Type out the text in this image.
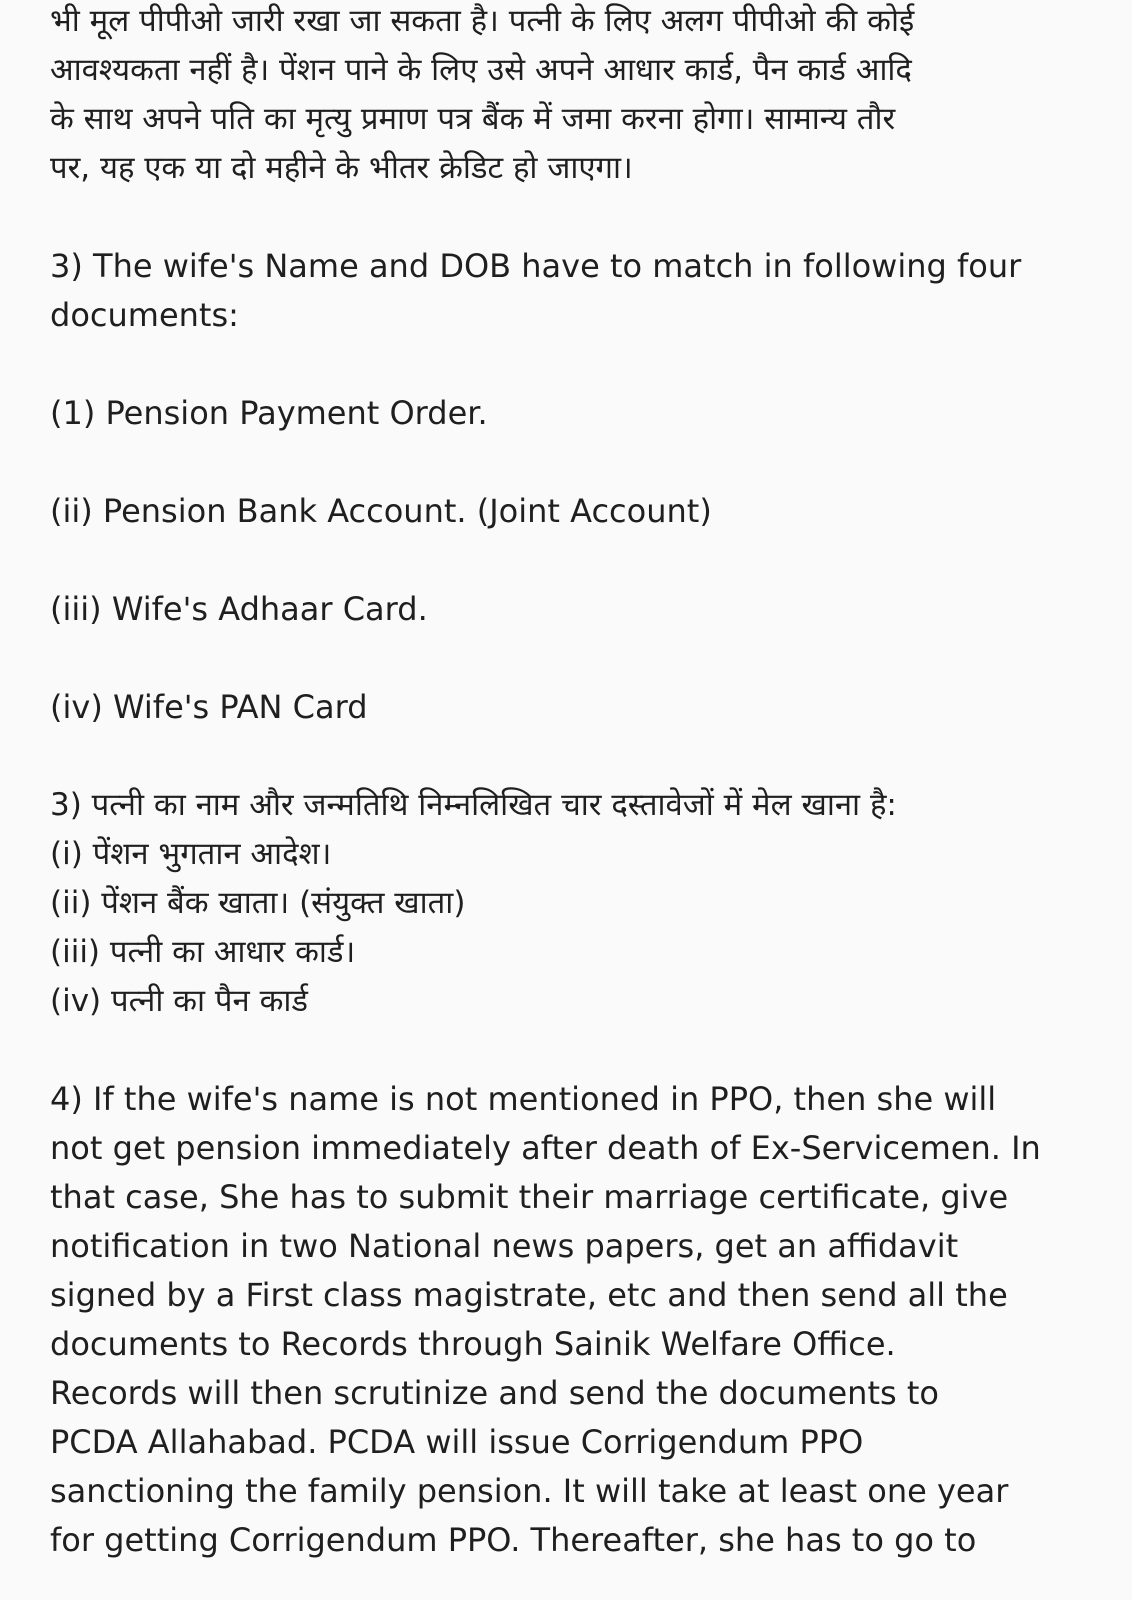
भी मूल पीपीओ जारी रखा जा सकता है। पत्नी के लिए अलग पीपीओ की कोई
आवश्यकता नहीं है। पेंशन पाने के लिए उसे अपने आधार कार्ड, पैन कार्ड आदि
के साथ अपने पति का मृत्यु प्रमाण पत्र बैंक में जमा करना होगा। सामान्य तौर
पर, यह एक या दो महीने के भीतर क्रेडिट हो जाएगा।
3) The wife's Name and DOB have to match in following four
documents:
(1) Pension Payment Order.
(ii) Pension Bank Account. (Joint Account)
(iii) Wife's Adhaar Card.
(iv) Wife's PAN Card
3) पत्नी का नाम और जन्मतिथि निम्नलिखित चार दस्तावेजों में मेल खाना है:
(i) पेंशन भुगतान आदेश।
(ii) पेंशन बैंक खाता। (संयुक्त खाता)
(iii) पत्नी का आधार कार्ड।
(iv) पत्नी का पैन कार्ड
4) If the wife's name is not mentioned in PPO, then she will
not get pension immediately after death of Ex-Servicemen. In
that case, She has to submit their marriage certificate, give
notification in two National news papers, get an affidavit
signed by a First class magistrate, etc and then send all the
documents to Records through Sainik Welfare Office.
Records will then scrutinize and send the documents to
PCDA Allahabad. PCDA will issue Corrigendum PPO
sanctioning the family pension. It will take at least one year
for getting Corrigendum PPO. Thereafter, she has to go to
